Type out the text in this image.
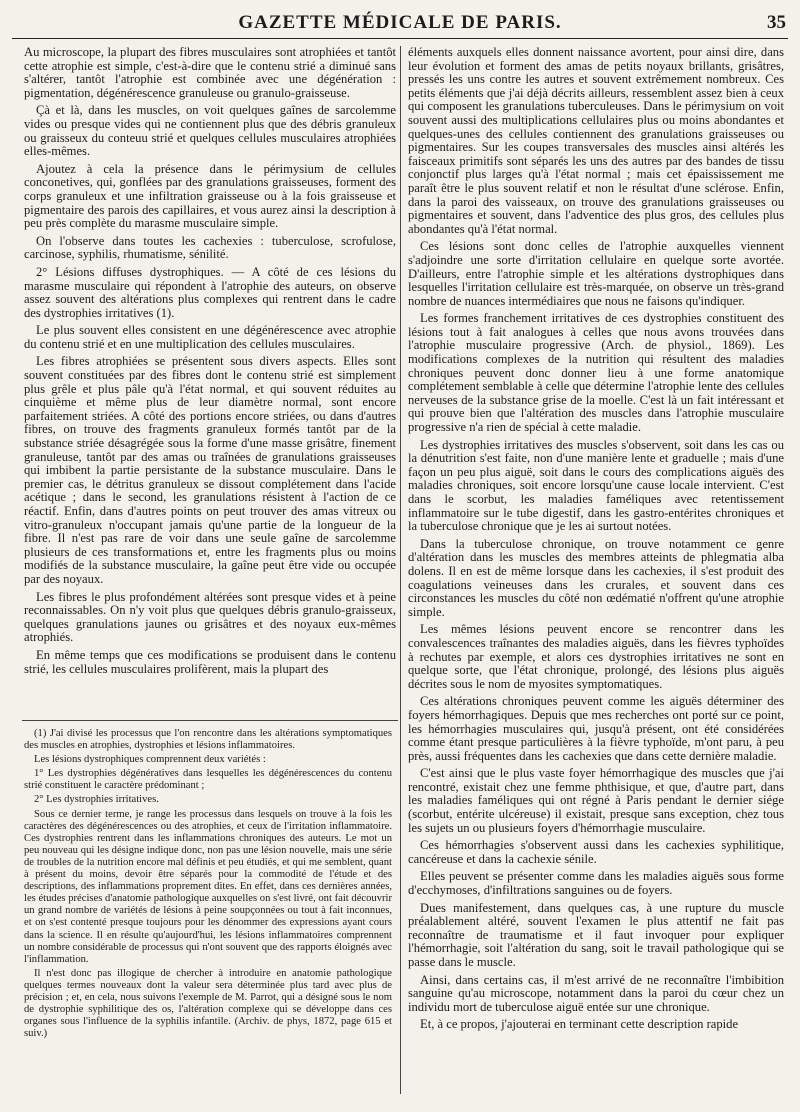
GAZETTE MÉDICALE DE PARIS.	35

Au microscope, la plupart des fibres musculaires sont atrophiées et tantôt cette atrophie est simple, c'est-à-dire que le contenu strié a diminué sans s'altérer, tantôt l'atrophie est combinée avec une dégénération : pigmentation, dégénérescence granuleuse ou granulo-graisseuse.

Çà et là, dans les muscles, on voit quelques gaînes de sarcolemme vides ou presque vides qui ne contiennent plus que des débris granuleux ou graisseux du conteuu strié et quelques cellules musculaires atrophiées elles-mêmes.

Ajoutez à cela la présence dans le périmysium de cellules conconetives, qui, gonflées par des granulations graisseuses, forment des corps granuleux et une infiltration graisseuse ou à la fois graisseuse et pigmentaire des parois des capillaires, et vous aurez ainsi la description à peu près complète du marasme musculaire simple.

On l'observe dans toutes les cachexies : tuberculose, scrofulose, carcinose, syphilis, rhumatisme, sénilité.

2° Lésions diffuses dystrophiques. — A côté de ces lésions du marasme musculaire qui répondent à l'atrophie des auteurs, on observe assez souvent des altérations plus complexes qui rentrent dans le cadre des dystrophies irritatives (1).

Le plus souvent elles consistent en une dégénérescence avec atrophie du contenu strié et en une multiplication des cellules musculaires.

Les fibres atrophiées se présentent sous divers aspects. Elles sont souvent constituées par des fibres dont le contenu strié est simplement plus grêle et plus pâle qu'à l'état normal, et qui souvent réduites au cinquième et même plus de leur diamètre normal, sont encore parfaitement striées. A côté des portions encore striées, ou dans d'autres fibres, on trouve des fragments granuleux formés tantôt par de la substance striée désagrégée sous la forme d'une masse grisâtre, finement granuleuse, tantôt par des amas ou traînées de granulations graisseuses qui imbibent la partie persistante de la substance musculaire. Dans le premier cas, le détritus granuleux se dissout complétement dans l'acide acétique ; dans le second, les granulations résistent à l'action de ce réactif. Enfin, dans d'autres points on peut trouver des amas vitreux ou vitro-granuleux n'occupant jamais qu'une partie de la longueur de la fibre. Il n'est pas rare de voir dans une seule gaîne de sarcolemme plusieurs de ces transformations et, entre les fragments plus ou moins modifiés de la substance musculaire, la gaîne peut être vide ou occupée par des noyaux.

Les fibres le plus profondément altérées sont presque vides et à peine reconnaissables. On n'y voit plus que quelques débris granulo-graisseux, quelques granulations jaunes ou grisâtres et des noyaux eux-mêmes atrophiés.

En même temps que ces modifications se produisent dans le contenu strié, les cellules musculaires prolifèrent, mais la plupart des

(1) J'ai divisé les processus que l'on rencontre dans les altérations symptomatiques des muscles en atrophies, dystrophies et lésions inflammatoires.

Les lésions dystrophiques comprennent deux variétés :

1° Les dystrophies dégénératives dans lesquelles les dégénérescences du contenu strié constituent le caractère prédominant ;

2° Les dystrophies irritatives.

Sous ce dernier terme, je range les processus dans lesquels on trouve à la fois les caractères des dégénérescences ou des atrophies, et ceux de l'irritation inflammatoire. Ces dystrophies rentrent dans les inflammations chroniques des auteurs. Le mot un peu nouveau qui les désigne indique donc, non pas une lésion nouvelle, mais une série de troubles de la nutrition encore mal définis et peu étudiés, et qui me semblent, quant à présent du moins, devoir être séparés pour la commodité de l'étude et des descriptions, des inflammations proprement dites. En effet, dans ces dernières années, les études précises d'anatomie pathologique auxquelles on s'est livré, ont fait découvrir un grand nombre de variétés de lésions à peine soupçonnées ou tout à fait inconnues, et on s'est contenté presque toujours pour les dénommer des expressions ayant cours dans la science. Il en résulte qu'aujourd'hui, les lésions inflammatoires comprennent un nombre considérable de processus qui n'ont souvent que des rapports éloignés avec l'inflammation.

Il n'est donc pas illogique de chercher à introduire en anatomie pathologique quelques termes nouveaux dont la valeur sera déterminée plus tard avec plus de précision ; et, en cela, nous suivons l'exemple de M. Parrot, qui a désigné sous le nom de dystrophie syphilitique des os, l'altération complexe qui se développe dans ces organes sous l'influence de la syphilis infantile. (Archiv. de phys, 1872, page 615 et suiv.)

éléments auxquels elles donnent naissance avortent, pour ainsi dire, dans leur évolution et forment des amas de petits noyaux brillants, grisâtres, pressés les uns contre les autres et souvent extrêmement nombreux. Ces petits éléments que j'ai déjà décrits ailleurs, ressemblent assez bien à ceux qui composent les granulations tuberculeuses. Dans le périmysium on voit souvent aussi des multiplications cellulaires plus ou moins abondantes et quelques-unes des cellules contiennent des granulations graisseuses ou pigmentaires. Sur les coupes transversales des muscles ainsi altérés les faisceaux primitifs sont séparés les uns des autres par des bandes de tissu conjonctif plus larges qu'à l'état normal ; mais cet épaississement me paraît être le plus souvent relatif et non le résultat d'une sclérose. Enfin, dans la paroi des vaisseaux, on trouve des granulations graisseuses ou pigmentaires et souvent, dans l'adventice des plus gros, des cellules plus abondantes qu'à l'état normal.

Ces lésions sont donc celles de l'atrophie auxquelles viennent s'adjoindre une sorte d'irritation cellulaire en quelque sorte avortée. D'ailleurs, entre l'atrophie simple et les altérations dystrophiques dans lesquelles l'irritation cellulaire est très-marquée, on observe un très-grand nombre de nuances intermédiaires que nous ne faisons qu'indiquer.

Les formes franchement irritatives de ces dystrophies constituent des lésions tout à fait analogues à celles que nous avons trouvées dans l'atrophie musculaire progressive (Arch. de physiol., 1869). Les modifications complexes de la nutrition qui résultent des maladies chroniques peuvent donc donner lieu à une forme anatomique complétement semblable à celle que détermine l'atrophie lente des cellules nerveuses de la substance grise de la moelle. C'est là un fait intéressant et qui prouve bien que l'altération des muscles dans l'atrophie musculaire progressive n'a rien de spécial à cette maladie.

Les dystrophies irritatives des muscles s'observent, soit dans les cas ou la dénutrition s'est faite, non d'une manière lente et graduelle ; mais d'une façon un peu plus aiguë, soit dans le cours des complications aiguës des maladies chroniques, soit encore lorsqu'une cause locale intervient. C'est dans le scorbut, les maladies faméliques avec retentissement inflammatoire sur le tube digestif, dans les gastro-entérites chroniques et la tuberculose chronique que je les ai surtout notées.

Dans la tuberculose chronique, on trouve notamment ce genre d'altération dans les muscles des membres atteints de phlegmatia alba dolens. Il en est de même lorsque dans les cachexies, il s'est produit des coagulations veineuses dans les crurales, et souvent dans ces circonstances les muscles du côté non œdématié n'offrent qu'une atrophie simple.

Les mêmes lésions peuvent encore se rencontrer dans les convalescences traînantes des maladies aiguës, dans les fièvres typhoïdes à rechutes par exemple, et alors ces dystrophies irritatives ne sont en quelque sorte, que l'état chronique, prolongé, des lésions plus aiguës décrites sous le nom de myosites symptomatiques.

Ces altérations chroniques peuvent comme les aiguës déterminer des foyers hémorrhagiques. Depuis que mes recherches ont porté sur ce point, les hémorrhagies musculaires qui, jusqu'à présent, ont été considérées comme étant presque particulières à la fièvre typhoïde, m'ont paru, à peu près, aussi fréquentes dans les cachexies que dans cette dernière maladie.

C'est ainsi que le plus vaste foyer hémorrhagique des muscles que j'ai rencontré, existait chez une femme phthisique, et que, d'autre part, dans les maladies faméliques qui ont régné à Paris pendant le dernier siége (scorbut, entérite ulcéreuse) il existait, presque sans exception, chez tous les sujets un ou plusieurs foyers d'hémorrhagie musculaire.

Ces hémorrhagies s'observent aussi dans les cachexies syphilitique, cancéreuse et dans la cachexie sénile.

Elles peuvent se présenter comme dans les maladies aiguës sous forme d'ecchymoses, d'infiltrations sanguines ou de foyers.

Dues manifestement, dans quelques cas, à une rupture du muscle préalablement altéré, souvent l'examen le plus attentif ne fait pas reconnaître de traumatisme et il faut invoquer pour expliquer l'hémorrhagie, soit l'altération du sang, soit le travail pathologique qui se passe dans le muscle.

Ainsi, dans certains cas, il m'est arrivé de ne reconnaître l'imbibition sanguine qu'au microscope, notamment dans la paroi du cœur chez un individu mort de tuberculose aiguë entée sur une chronique.

Et, à ce propos, j'ajouterai en terminant cette description rapide
